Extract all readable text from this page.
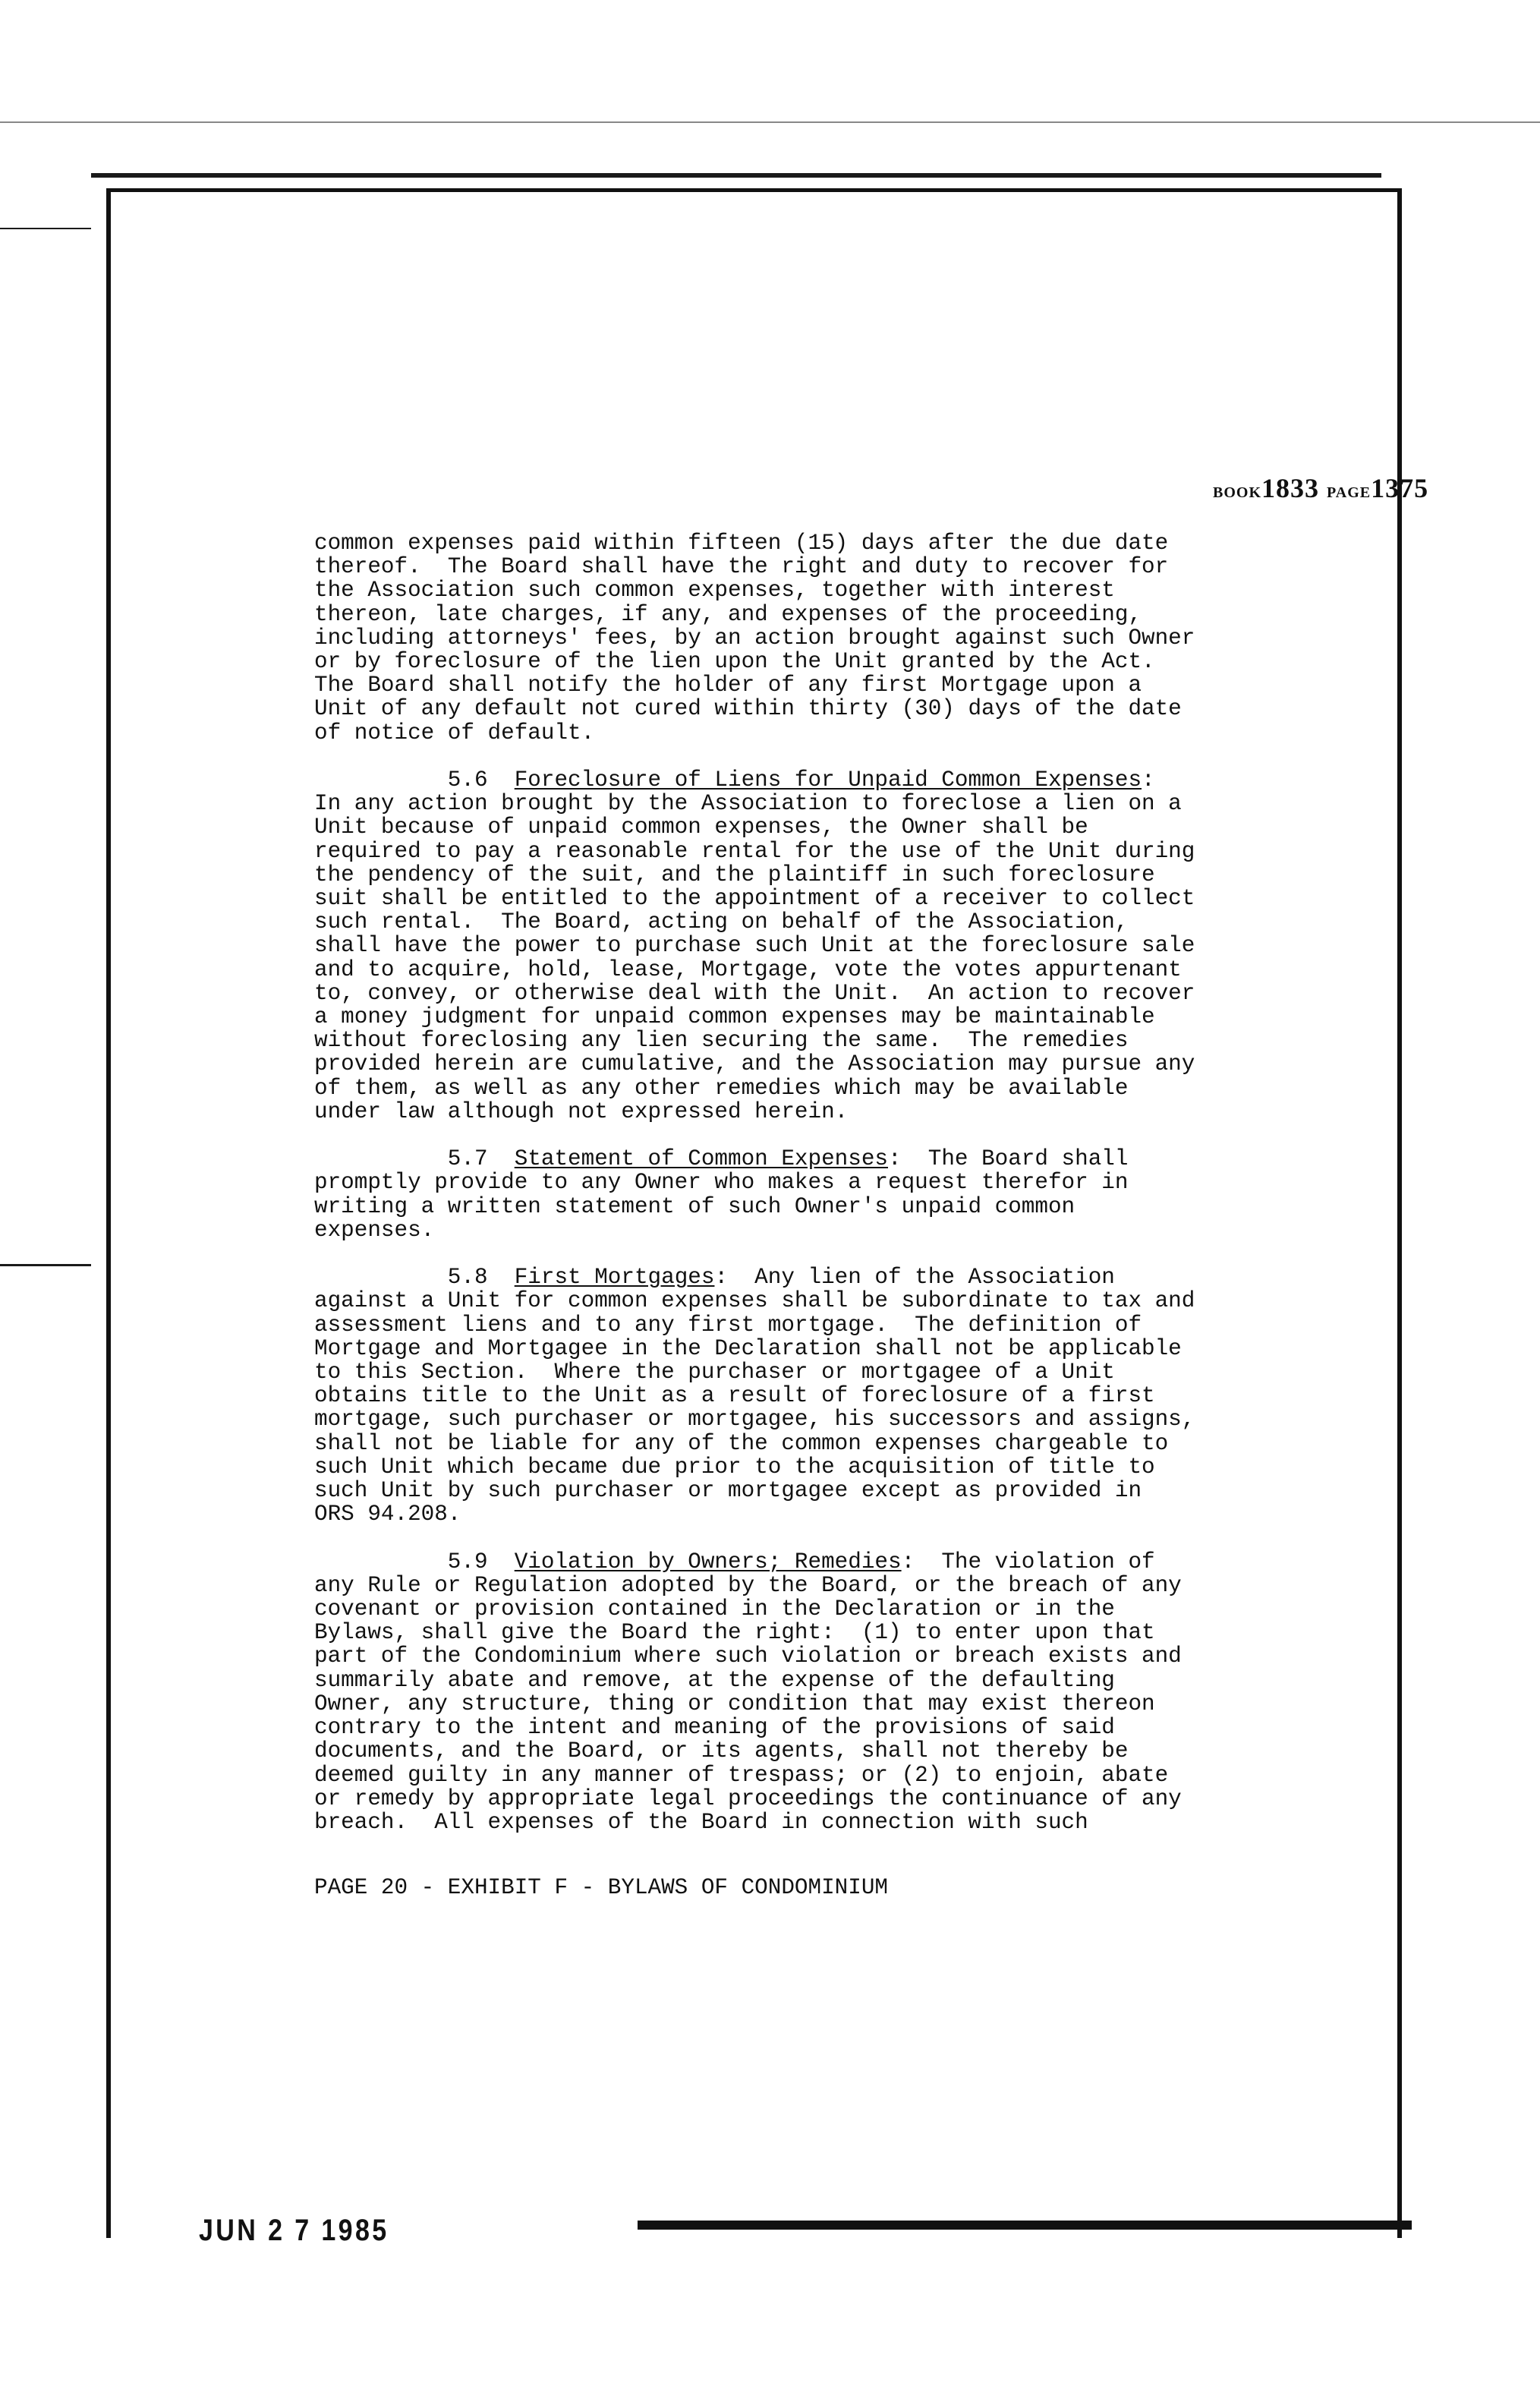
BOOK1833 PAGE1375
common expenses paid within fifteen (15) days after the due date
thereof.  The Board shall have the right and duty to recover for
the Association such common expenses, together with interest
thereon, late charges, if any, and expenses of the proceeding,
including attorneys' fees, by an action brought against such Owner
or by foreclosure of the lien upon the Unit granted by the Act.
The Board shall notify the holder of any first Mortgage upon a
Unit of any default not cured within thirty (30) days of the date
of notice of default.
5.6  Foreclosure of Liens for Unpaid Common Expenses:
In any action brought by the Association to foreclose a lien on a
Unit because of unpaid common expenses, the Owner shall be
required to pay a reasonable rental for the use of the Unit during
the pendency of the suit, and the plaintiff in such foreclosure
suit shall be entitled to the appointment of a receiver to collect
such rental.  The Board, acting on behalf of the Association,
shall have the power to purchase such Unit at the foreclosure sale
and to acquire, hold, lease, Mortgage, vote the votes appurtenant
to, convey, or otherwise deal with the Unit.  An action to recover
a money judgment for unpaid common expenses may be maintainable
without foreclosing any lien securing the same.  The remedies
provided herein are cumulative, and the Association may pursue any
of them, as well as any other remedies which may be available
under law although not expressed herein.
5.7  Statement of Common Expenses:  The Board shall
promptly provide to any Owner who makes a request therefor in
writing a written statement of such Owner's unpaid common
expenses.
5.8  First Mortgages:  Any lien of the Association
against a Unit for common expenses shall be subordinate to tax and
assessment liens and to any first mortgage.  The definition of
Mortgage and Mortgagee in the Declaration shall not be applicable
to this Section.  Where the purchaser or mortgagee of a Unit
obtains title to the Unit as a result of foreclosure of a first
mortgage, such purchaser or mortgagee, his successors and assigns,
shall not be liable for any of the common expenses chargeable to
such Unit which became due prior to the acquisition of title to
such Unit by such purchaser or mortgagee except as provided in
ORS 94.208.
5.9  Violation by Owners; Remedies:  The violation of
any Rule or Regulation adopted by the Board, or the breach of any
covenant or provision contained in the Declaration or in the
Bylaws, shall give the Board the right:  (1) to enter upon that
part of the Condominium where such violation or breach exists and
summarily abate and remove, at the expense of the defaulting
Owner, any structure, thing or condition that may exist thereon
contrary to the intent and meaning of the provisions of said
documents, and the Board, or its agents, shall not thereby be
deemed guilty in any manner of trespass; or (2) to enjoin, abate
or remedy by appropriate legal proceedings the continuance of any
breach.  All expenses of the Board in connection with such
PAGE 20 - EXHIBIT F - BYLAWS OF CONDOMINIUM
JUN 2 7 1985
